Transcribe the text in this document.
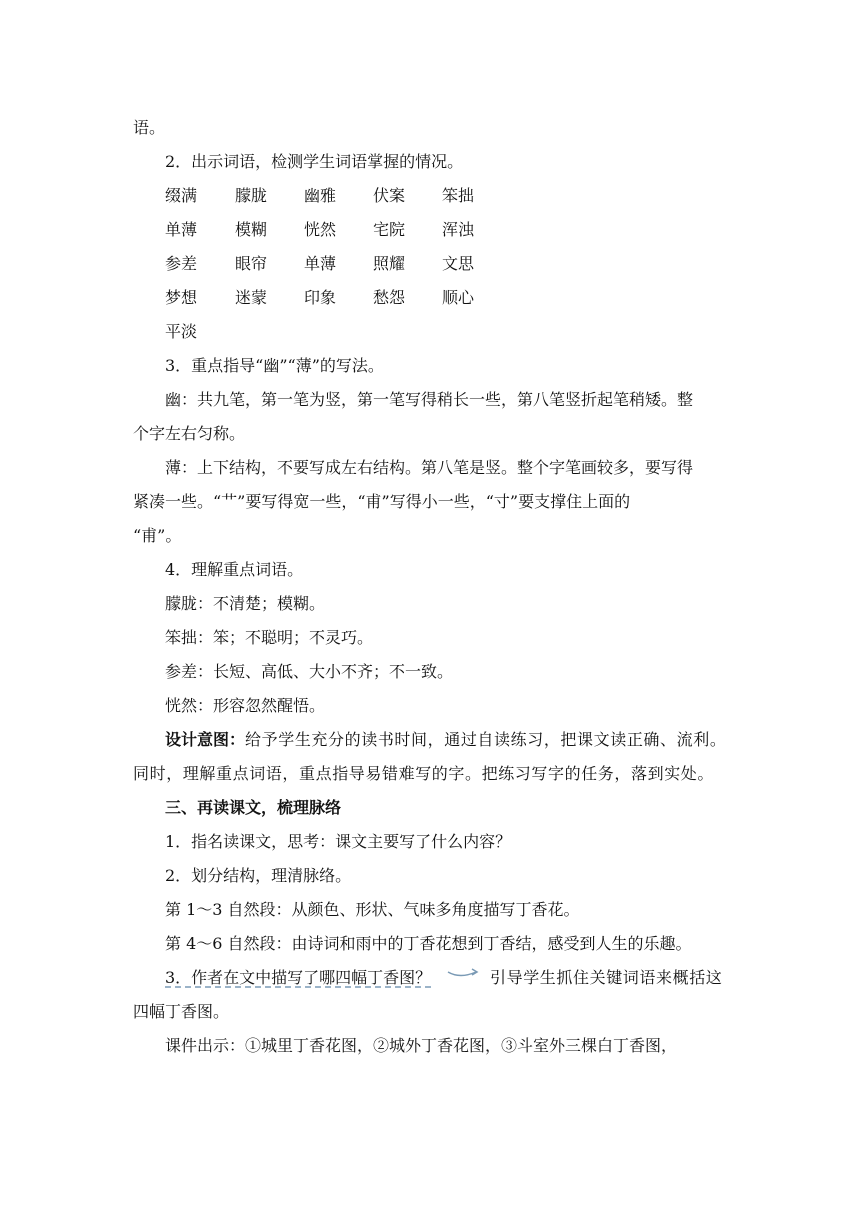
语。
2．出示词语，检测学生词语掌握的情况。
缀满 朦胧 幽雅 伏案 笨拙
单薄 模糊 恍然 宅院 浑浊
参差 眼帘 单薄 照耀 文思
梦想 迷蒙 印象 愁怨 顺心
平淡
3．重点指导“幽”“薄”的写法。
幽：共九笔，第一笔为竖，第一笔写得稍长一些，第八笔竖折起笔稍矮。整
个字左右匀称。
薄：上下结构，不要写成左右结构。第八笔是竖。整个字笔画较多，要写得
紧凑一些。“艹”要写得宽一些，“甫”写得小一些，“寸”要支撑住上面的
“甫”。
4．理解重点词语。
朦胧：不清楚；模糊。
笨拙：笨；不聪明；不灵巧。
参差：长短、高低、大小不齐；不一致。
恍然：形容忽然醒悟。
设计意图：给予学生充分的读书时间，通过自读练习，把课文读正确、流利。
同时，理解重点词语，重点指导易错难写的字。把练习写字的任务，落到实处。
三、再读课文，梳理脉络
1．指名读课文，思考：课文主要写了什么内容？
2．划分结构，理清脉络。
第 1～3 自然段：从颜色、形状、气味多角度描写丁香花。
第 4～6 自然段：由诗词和雨中的丁香花想到丁香结，感受到人生的乐趣。
3．作者在文中描写了哪四幅丁香图？	引导学生抓住关键词语来概括这
四幅丁香图。
课件出示：①城里丁香花图，②城外丁香花图，③斗室外三棵白丁香图，
